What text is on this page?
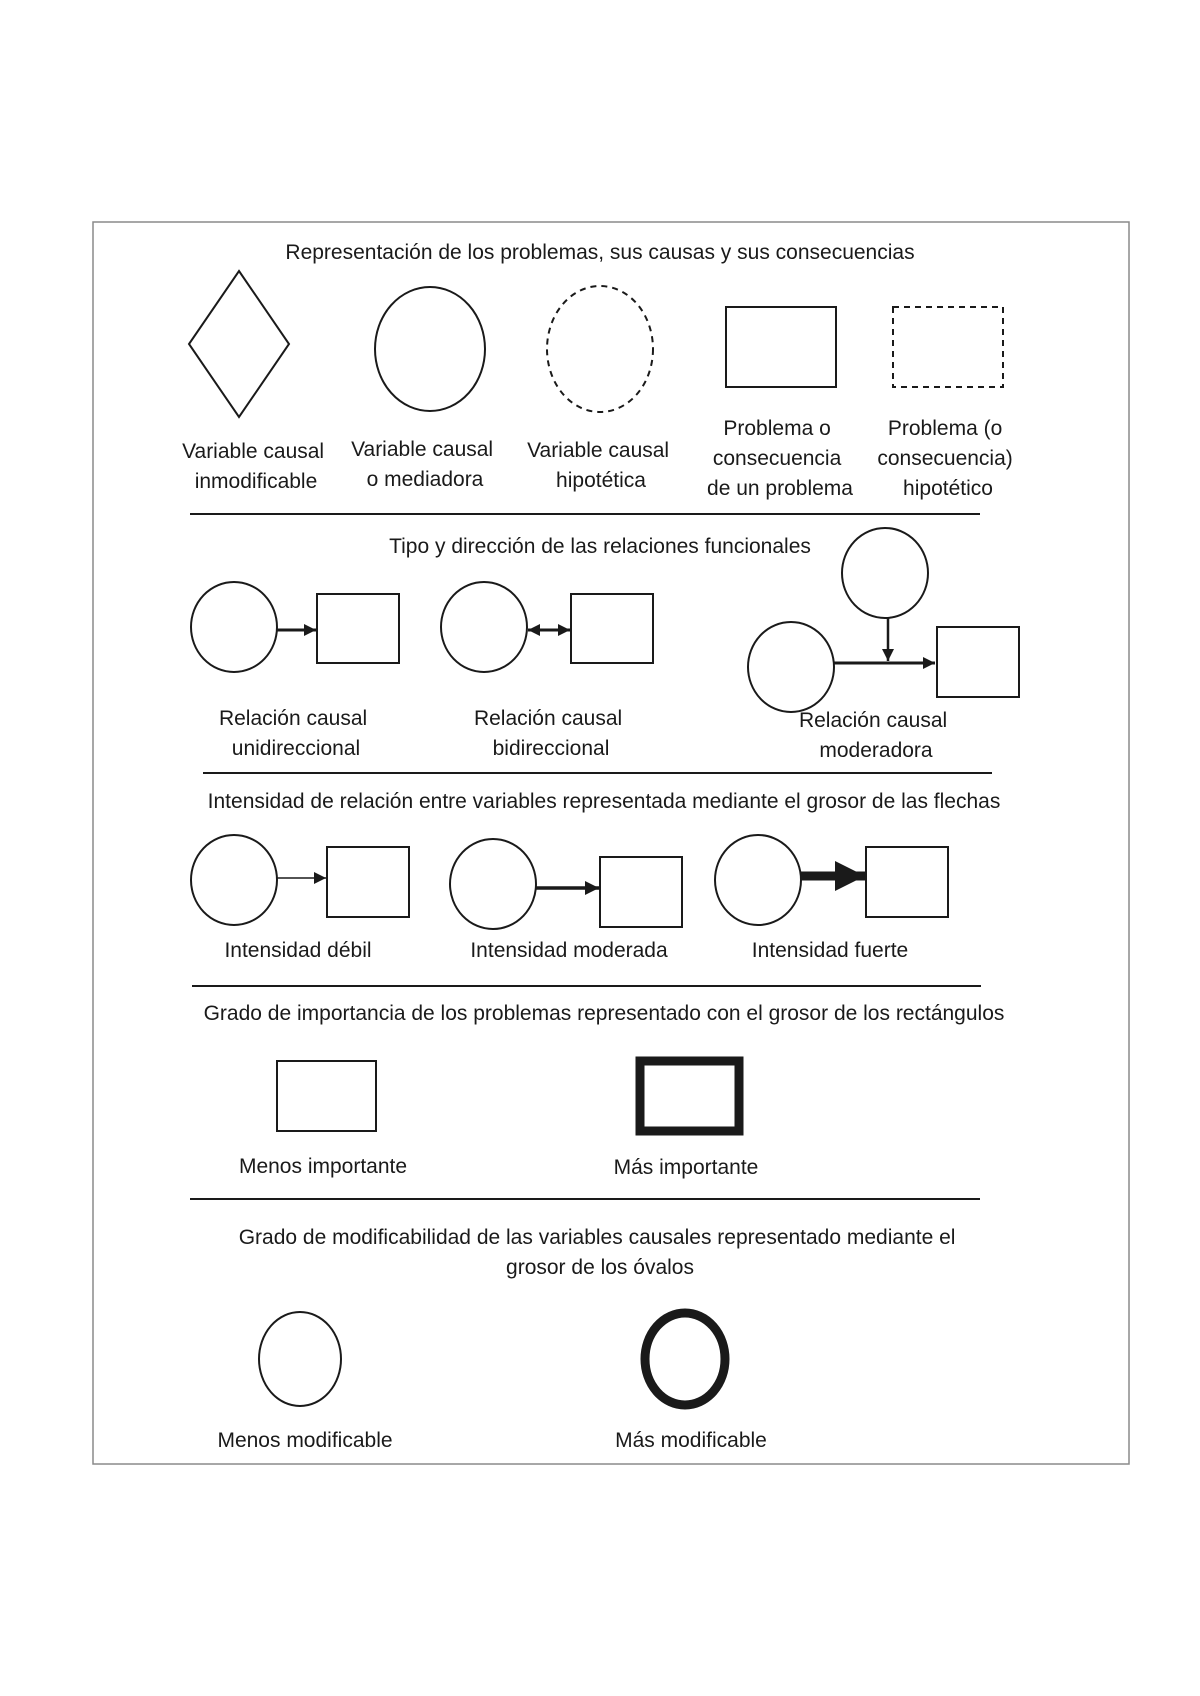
Representación de los problemas, sus causas y sus consecuencias
Variable causal inmodificable
Variable causal o mediadora
Variable causal hipotética
Problema o consecuencia de un problema
Problema (o consecuencia) hipotético
Tipo y dirección de las relaciones funcionales
Relación causal unidireccional
Relación causal bidireccional
Relación causal moderadora
Intensidad de relación entre variables representada mediante el grosor de las flechas
Intensidad débil	Intensidad moderada	Intensidad fuerte
Grado de importancia de los problemas representado con el grosor de los rectángulos
Menos importante	Más importante
Grado de modificabilidad de las variables causales representado mediante el grosor de los óvalos
Menos modificable	Más modificable
